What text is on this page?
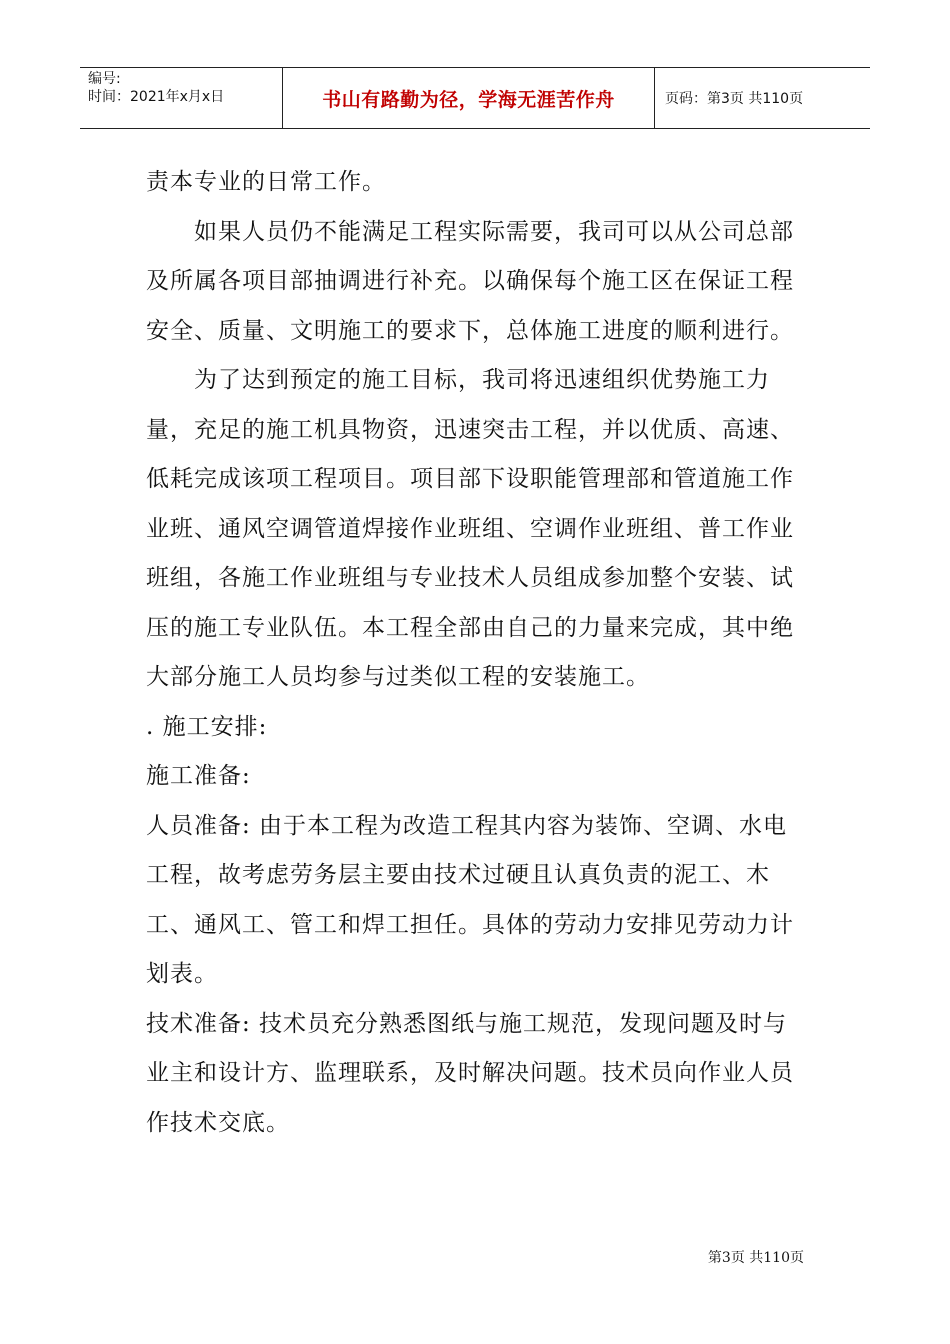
编号:
时间：2021年x月x日	书山有路勤为径，学海无涯苦作舟	页码：第3页 共110页

责本专业的日常工作。

如果人员仍不能满足工程实际需要，我司可以从公司总部及所属各项目部抽调进行补充。以确保每个施工区在保证工程安全、质量、文明施工的要求下，总体施工进度的顺利进行。

为了达到预定的施工目标，我司将迅速组织优势施工力量，充足的施工机具物资，迅速突击工程，并以优质、高速、低耗完成该项工程项目。项目部下设职能管理部和管道施工作业班、通风空调管道焊接作业班组、空调作业班组、普工作业班组，各施工作业班组与专业技术人员组成参加整个安装、试压的施工专业队伍。本工程全部由自己的力量来完成，其中绝大部分施工人员均参与过类似工程的安装施工。

. 施工安排:

施工准备:

人员准备: 由于本工程为改造工程其内容为装饰、空调、水电工程，故考虑劳务层主要由技术过硬且认真负责的泥工、木工、通风工、管工和焊工担任。具体的劳动力安排见劳动力计划表。

技术准备: 技术员充分熟悉图纸与施工规范，发现问题及时与业主和设计方、监理联系，及时解决问题。技术员向作业人员作技术交底。

第3页 共110页
